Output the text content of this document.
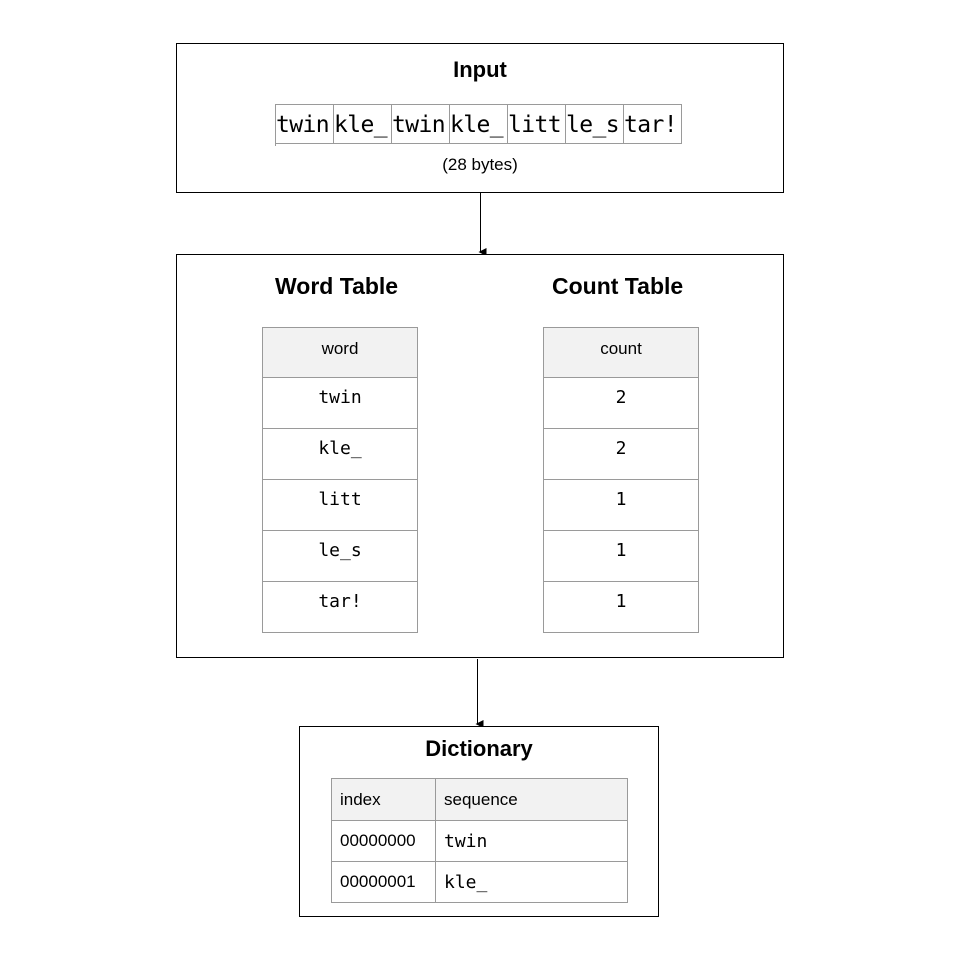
Input
twin kle_ twin kle_ litt le_s tar!
(28 bytes)
Word Table	Count Table
word
twin
kle_
litt
le_s
tar!
count
2
2
1
1
1
Dictionary
index	sequence
00000000	twin
00000001	kle_
